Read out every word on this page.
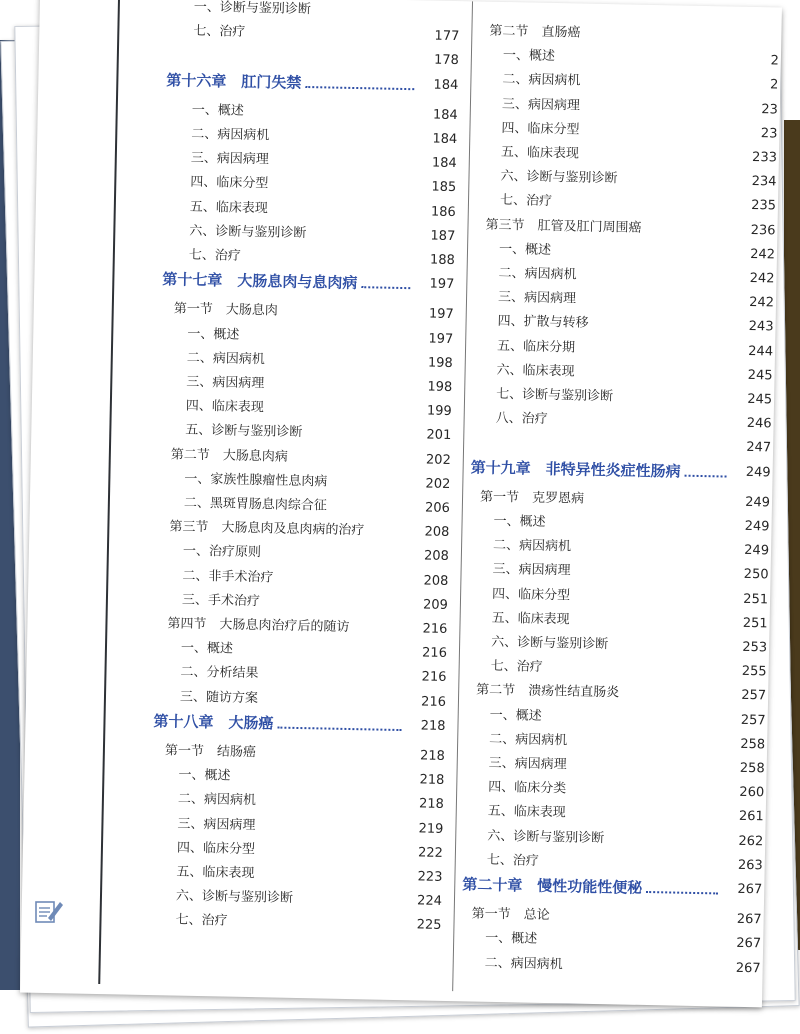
一、诊断与鉴别诊断
七、治疗	177
178
第十六章　肛门失禁	184
一、概述	184
二、病因病机	184
三、病因病理	184
四、临床分型	185
五、临床表现	186
六、诊断与鉴别诊断	187
七、治疗	188
第十七章　大肠息肉与息肉病	197
第一节　大肠息肉	197
一、概述	197
二、病因病机	198
三、病因病理	198
四、临床表现	199
五、诊断与鉴别诊断	201
第二节　大肠息肉病	202
一、家族性腺瘤性息肉病	202
二、黑斑胃肠息肉综合征	206
第三节　大肠息肉及息肉病的治疗	208
一、治疗原则	208
二、非手术治疗	208
三、手术治疗	209
第四节　大肠息肉治疗后的随访	216
一、概述	216
二、分析结果	216
三、随访方案	216
第十八章　大肠癌	218
第一节　结肠癌	218
一、概述	218
二、病因病机	218
三、病因病理	219
四、临床分型	222
五、临床表现	223
六、诊断与鉴别诊断	224
七、治疗	225
第二节　直肠癌
一、概述	2
二、病因病机	2
三、病因病理	23
四、临床分型	23
五、临床表现	233
六、诊断与鉴别诊断	234
七、治疗	235
第三节　肛管及肛门周围癌	236
一、概述	242
二、病因病机	242
三、病因病理	242
四、扩散与转移	243
五、临床分期	244
六、临床表现	245
七、诊断与鉴别诊断	245
八、治疗	246
247
第十九章　非特异性炎症性肠病	249
第一节　克罗恩病	249
一、概述	249
二、病因病机	249
三、病因病理	250
四、临床分型	251
五、临床表现	251
六、诊断与鉴别诊断	253
七、治疗	255
第二节　溃疡性结直肠炎	257
一、概述	257
二、病因病机	258
三、病因病理	258
四、临床分类	260
五、临床表现	261
六、诊断与鉴别诊断	262
七、治疗	263
第二十章　慢性功能性便秘	267
第一节　总论	267
一、概述	267
二、病因病机	267
